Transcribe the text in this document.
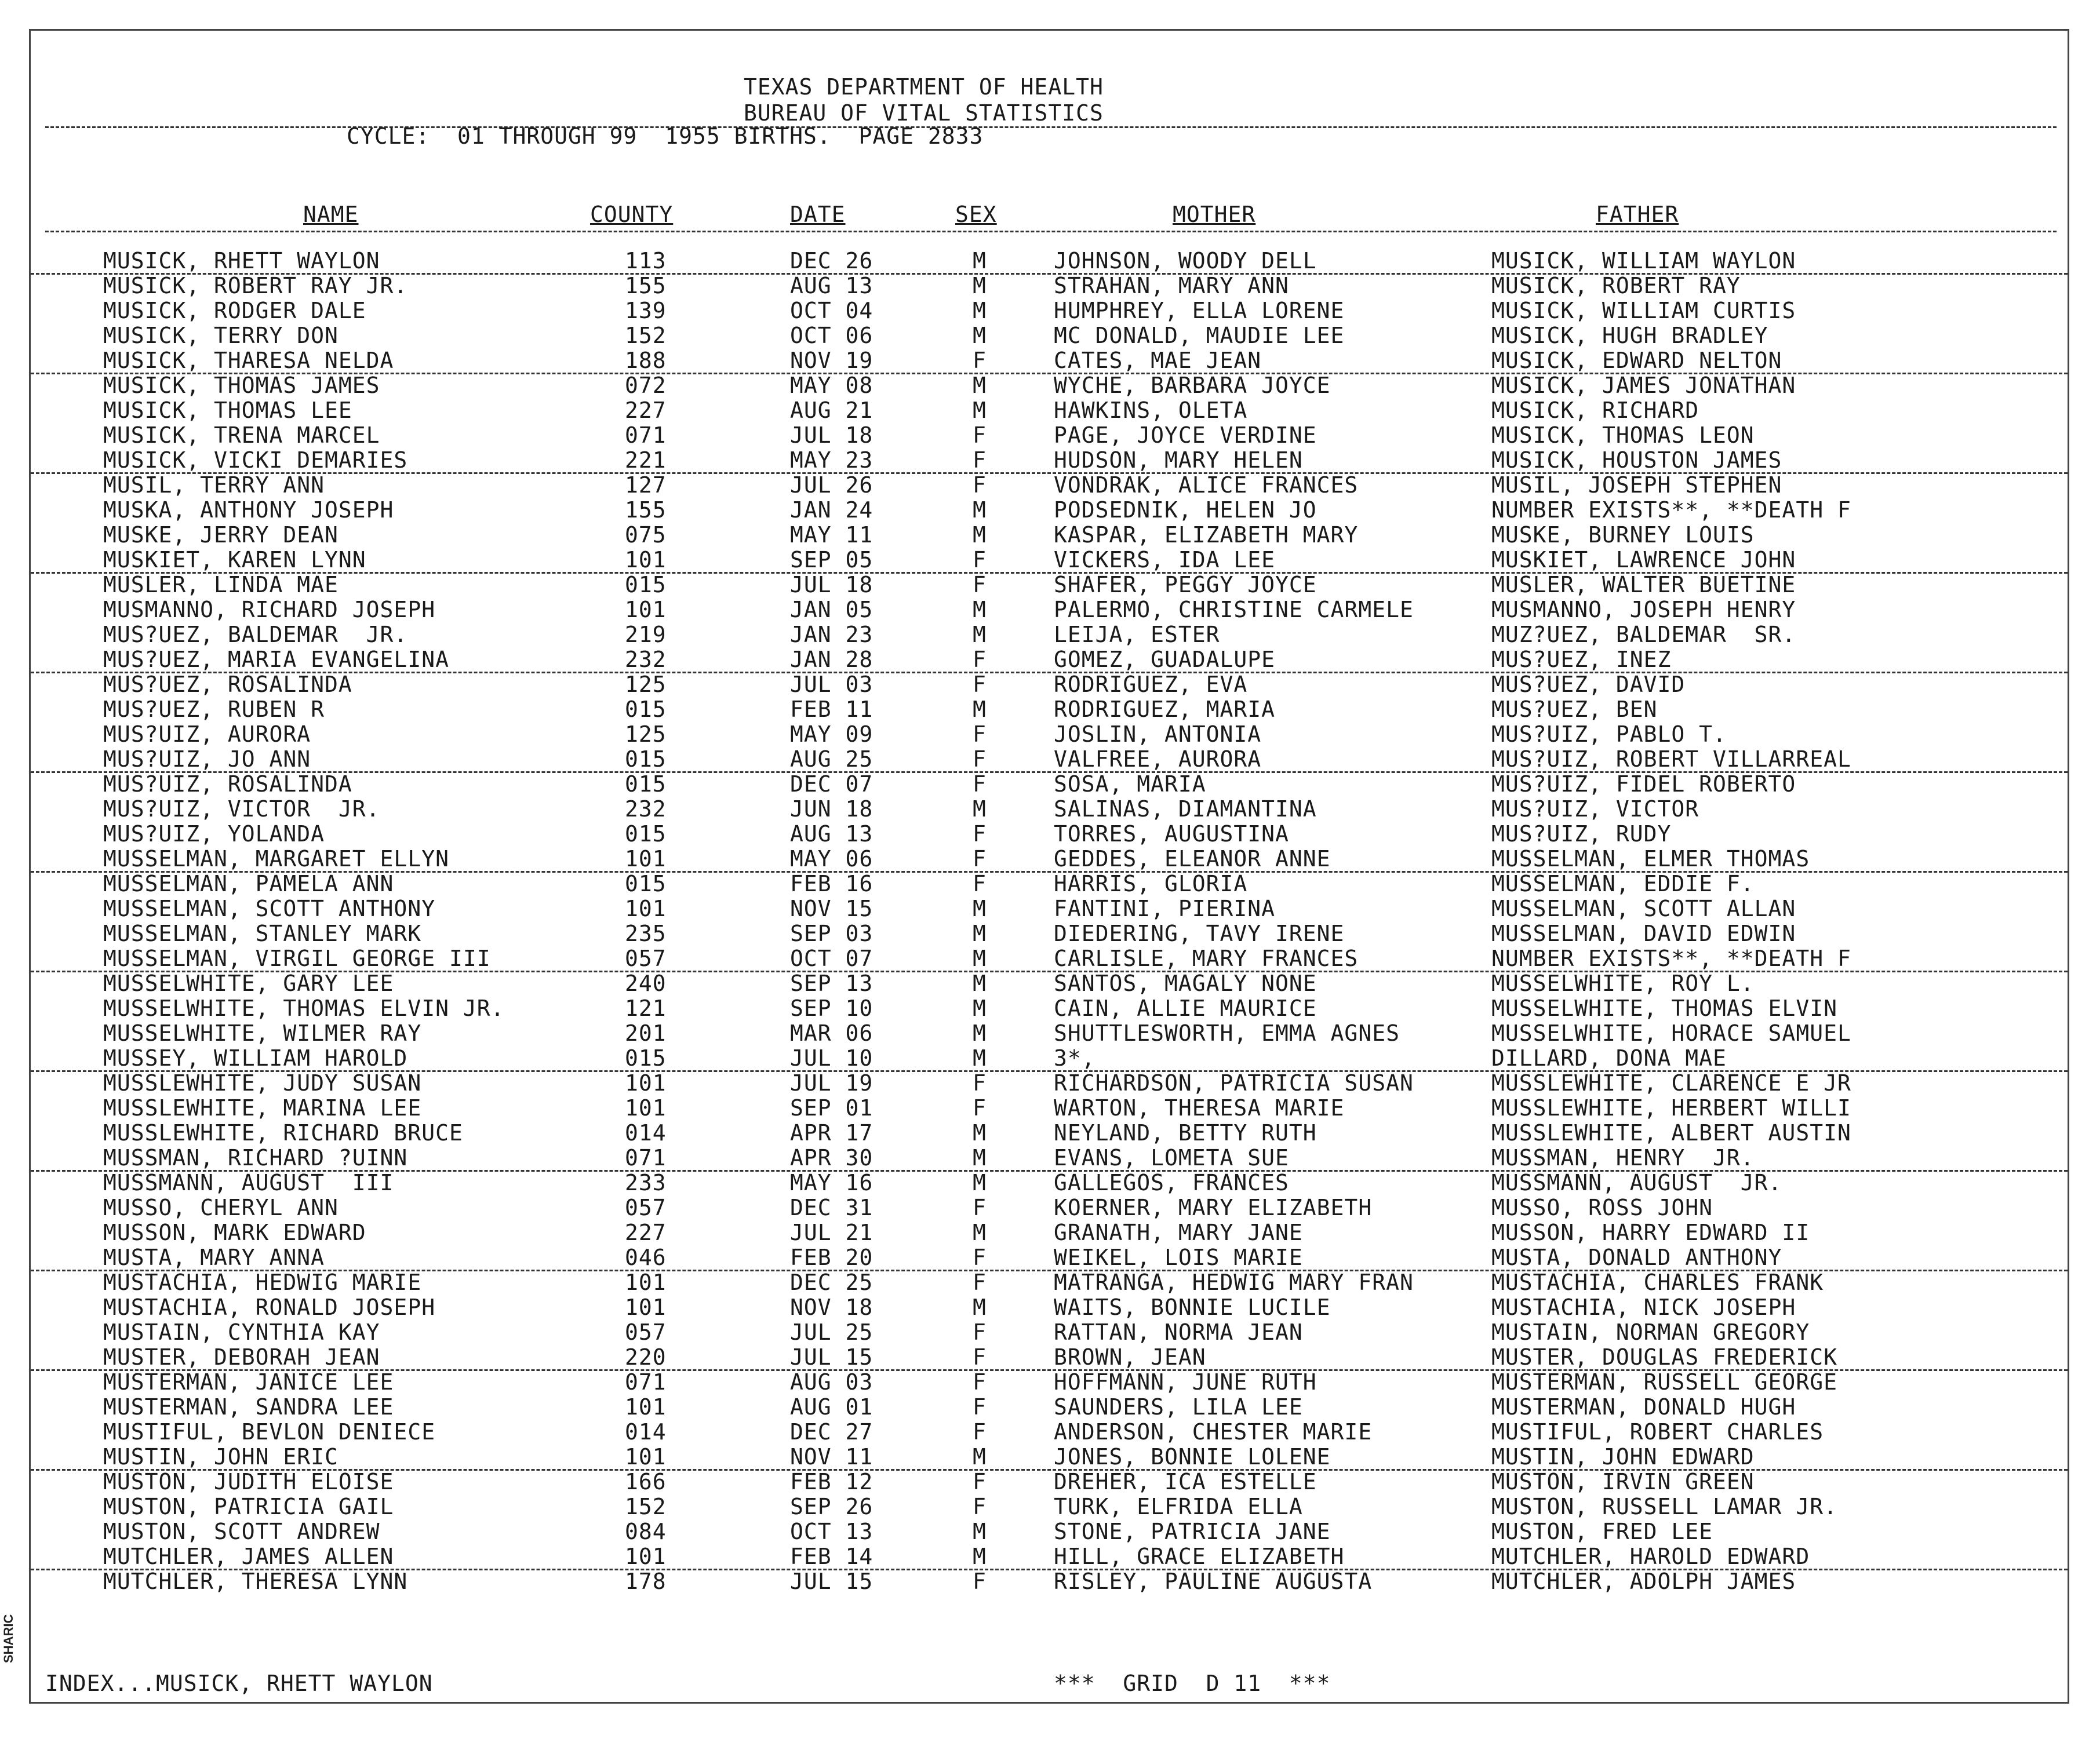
TEXAS DEPARTMENT OF HEALTH
BUREAU OF VITAL STATISTICS
CYCLE:  01 THROUGH 99  1955 BIRTHS.  PAGE 2833
NAME	COUNTY	DATE	SEX	MOTHER	FATHER
MUSICK, RHETT WAYLON	113	DEC 26	M	JOHNSON, WOODY DELL	MUSICK, WILLIAM WAYLON
MUSICK, ROBERT RAY JR.	155	AUG 13	M	STRAHAN, MARY ANN	MUSICK, ROBERT RAY
MUSICK, RODGER DALE	139	OCT 04	M	HUMPHREY, ELLA LORENE	MUSICK, WILLIAM CURTIS
MUSICK, TERRY DON	152	OCT 06	M	MC DONALD, MAUDIE LEE	MUSICK, HUGH BRADLEY
MUSICK, THARESA NELDA	188	NOV 19	F	CATES, MAE JEAN	MUSICK, EDWARD NELTON
MUSICK, THOMAS JAMES	072	MAY 08	M	WYCHE, BARBARA JOYCE	MUSICK, JAMES JONATHAN
MUSICK, THOMAS LEE	227	AUG 21	M	HAWKINS, OLETA	MUSICK, RICHARD
MUSICK, TRENA MARCEL	071	JUL 18	F	PAGE, JOYCE VERDINE	MUSICK, THOMAS LEON
MUSICK, VICKI DEMARIES	221	MAY 23	F	HUDSON, MARY HELEN	MUSICK, HOUSTON JAMES
MUSIL, TERRY ANN	127	JUL 26	F	VONDRAK, ALICE FRANCES	MUSIL, JOSEPH STEPHEN
MUSKA, ANTHONY JOSEPH	155	JAN 24	M	PODSEDNIK, HELEN JO	NUMBER EXISTS**, **DEATH F
MUSKE, JERRY DEAN	075	MAY 11	M	KASPAR, ELIZABETH MARY	MUSKE, BURNEY LOUIS
MUSKIET, KAREN LYNN	101	SEP 05	F	VICKERS, IDA LEE	MUSKIET, LAWRENCE JOHN
MUSLER, LINDA MAE	015	JUL 18	F	SHAFER, PEGGY JOYCE	MUSLER, WALTER BUETINE
MUSMANNO, RICHARD JOSEPH	101	JAN 05	M	PALERMO, CHRISTINE CARMELE	MUSMANNO, JOSEPH HENRY
MUS?UEZ, BALDEMAR  JR.	219	JAN 23	M	LEIJA, ESTER	MUZ?UEZ, BALDEMAR  SR.
MUS?UEZ, MARIA EVANGELINA	232	JAN 28	F	GOMEZ, GUADALUPE	MUS?UEZ, INEZ
MUS?UEZ, ROSALINDA	125	JUL 03	F	RODRIGUEZ, EVA	MUS?UEZ, DAVID
MUS?UEZ, RUBEN R	015	FEB 11	M	RODRIGUEZ, MARIA	MUS?UEZ, BEN
MUS?UIZ, AURORA	125	MAY 09	F	JOSLIN, ANTONIA	MUS?UIZ, PABLO T.
MUS?UIZ, JO ANN	015	AUG 25	F	VALFREE, AURORA	MUS?UIZ, ROBERT VILLARREAL
MUS?UIZ, ROSALINDA	015	DEC 07	F	SOSA, MARIA	MUS?UIZ, FIDEL ROBERTO
MUS?UIZ, VICTOR  JR.	232	JUN 18	M	SALINAS, DIAMANTINA	MUS?UIZ, VICTOR
MUS?UIZ, YOLANDA	015	AUG 13	F	TORRES, AUGUSTINA	MUS?UIZ, RUDY
MUSSELMAN, MARGARET ELLYN	101	MAY 06	F	GEDDES, ELEANOR ANNE	MUSSELMAN, ELMER THOMAS
MUSSELMAN, PAMELA ANN	015	FEB 16	F	HARRIS, GLORIA	MUSSELMAN, EDDIE F.
MUSSELMAN, SCOTT ANTHONY	101	NOV 15	M	FANTINI, PIERINA	MUSSELMAN, SCOTT ALLAN
MUSSELMAN, STANLEY MARK	235	SEP 03	M	DIEDERING, TAVY IRENE	MUSSELMAN, DAVID EDWIN
MUSSELMAN, VIRGIL GEORGE III	057	OCT 07	M	CARLISLE, MARY FRANCES	NUMBER EXISTS**, **DEATH F
MUSSELWHITE, GARY LEE	240	SEP 13	M	SANTOS, MAGALY NONE	MUSSELWHITE, ROY L.
MUSSELWHITE, THOMAS ELVIN JR.	121	SEP 10	M	CAIN, ALLIE MAURICE	MUSSELWHITE, THOMAS ELVIN
MUSSELWHITE, WILMER RAY	201	MAR 06	M	SHUTTLESWORTH, EMMA AGNES	MUSSELWHITE, HORACE SAMUEL
MUSSEY, WILLIAM HAROLD	015	JUL 10	M	3*,	DILLARD, DONA MAE
MUSSLEWHITE, JUDY SUSAN	101	JUL 19	F	RICHARDSON, PATRICIA SUSAN	MUSSLEWHITE, CLARENCE E JR
MUSSLEWHITE, MARINA LEE	101	SEP 01	F	WARTON, THERESA MARIE	MUSSLEWHITE, HERBERT WILLI
MUSSLEWHITE, RICHARD BRUCE	014	APR 17	M	NEYLAND, BETTY RUTH	MUSSLEWHITE, ALBERT AUSTIN
MUSSMAN, RICHARD ?UINN	071	APR 30	M	EVANS, LOMETA SUE	MUSSMAN, HENRY  JR.
MUSSMANN, AUGUST  III	233	MAY 16	M	GALLEGOS, FRANCES	MUSSMANN, AUGUST  JR.
MUSSO, CHERYL ANN	057	DEC 31	F	KOERNER, MARY ELIZABETH	MUSSO, ROSS JOHN
MUSSON, MARK EDWARD	227	JUL 21	M	GRANATH, MARY JANE	MUSSON, HARRY EDWARD II
MUSTA, MARY ANNA	046	FEB 20	F	WEIKEL, LOIS MARIE	MUSTA, DONALD ANTHONY
MUSTACHIA, HEDWIG MARIE	101	DEC 25	F	MATRANGA, HEDWIG MARY FRAN	MUSTACHIA, CHARLES FRANK
MUSTACHIA, RONALD JOSEPH	101	NOV 18	M	WAITS, BONNIE LUCILE	MUSTACHIA, NICK JOSEPH
MUSTAIN, CYNTHIA KAY	057	JUL 25	F	RATTAN, NORMA JEAN	MUSTAIN, NORMAN GREGORY
MUSTER, DEBORAH JEAN	220	JUL 15	F	BROWN, JEAN	MUSTER, DOUGLAS FREDERICK
MUSTERMAN, JANICE LEE	071	AUG 03	F	HOFFMANN, JUNE RUTH	MUSTERMAN, RUSSELL GEORGE
MUSTERMAN, SANDRA LEE	101	AUG 01	F	SAUNDERS, LILA LEE	MUSTERMAN, DONALD HUGH
MUSTIFUL, BEVLON DENIECE	014	DEC 27	F	ANDERSON, CHESTER MARIE	MUSTIFUL, ROBERT CHARLES
MUSTIN, JOHN ERIC	101	NOV 11	M	JONES, BONNIE LOLENE	MUSTIN, JOHN EDWARD
MUSTON, JUDITH ELOISE	166	FEB 12	F	DREHER, ICA ESTELLE	MUSTON, IRVIN GREEN
MUSTON, PATRICIA GAIL	152	SEP 26	F	TURK, ELFRIDA ELLA	MUSTON, RUSSELL LAMAR JR.
MUSTON, SCOTT ANDREW	084	OCT 13	M	STONE, PATRICIA JANE	MUSTON, FRED LEE
MUTCHLER, JAMES ALLEN	101	FEB 14	M	HILL, GRACE ELIZABETH	MUTCHLER, HAROLD EDWARD
MUTCHLER, THERESA LYNN	178	JUL 15	F	RISLEY, PAULINE AUGUSTA	MUTCHLER, ADOLPH JAMES
INDEX...MUSICK, RHETT WAYLON	***  GRID  D 11  ***
SHARIC
